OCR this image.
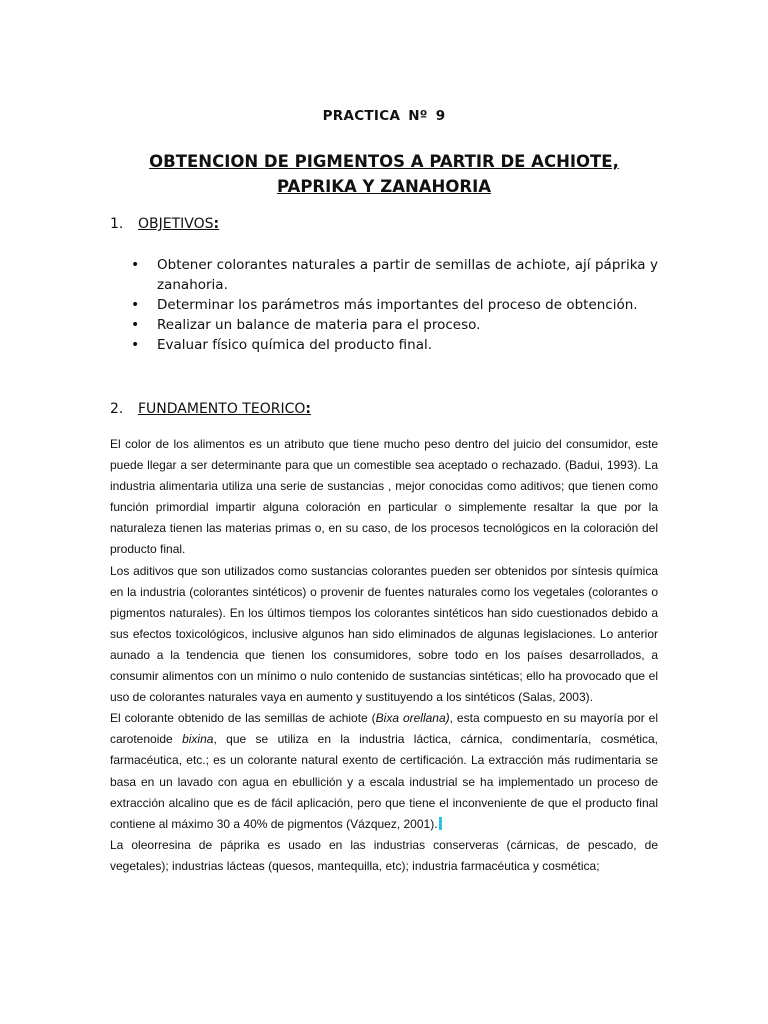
PRACTICA Nº 9
OBTENCION DE PIGMENTOS A PARTIR DE ACHIOTE,
PAPRIKA Y ZANAHORIA
1. OBJETIVOS:
• Obtener colorantes naturales a partir de semillas de achiote, ají páprika y zanahoria.
• Determinar los parámetros más importantes del proceso de obtención.
• Realizar un balance de materia para el proceso.
• Evaluar físico química del producto final.
2. FUNDAMENTO TEORICO:

El color de los alimentos es un atributo que tiene mucho peso dentro del juicio del consumidor, este puede llegar a ser determinante para que un comestible sea aceptado o rechazado. (Badui, 1993). La industria alimentaria utiliza una serie de sustancias , mejor conocidas como aditivos; que tienen como función primordial impartir alguna coloración en particular o simplemente resaltar la que por la naturaleza tienen las materias primas o, en su caso, de los procesos tecnológicos en la coloración del producto final.

Los aditivos que son utilizados como sustancias colorantes pueden ser obtenidos por síntesis química en la industria (colorantes sintéticos) o provenir de fuentes naturales como los vegetales (colorantes o pigmentos naturales). En los últimos tiempos los colorantes sintéticos han sido cuestionados debido a sus efectos toxicológicos, inclusive algunos han sido eliminados de algunas legislaciones. Lo anterior aunado a la tendencia que tienen los consumidores, sobre todo en los países desarrollados, a consumir alimentos con un mínimo o nulo contenido de sustancias sintéticas; ello ha provocado que el uso de colorantes naturales vaya en aumento y sustituyendo a los sintéticos (Salas, 2003).

El colorante obtenido de las semillas de achiote (Bixa orellana), esta compuesto en su mayoría por el carotenoide bixina, que se utiliza en la industria láctica, cárnica, condimentaría, cosmética, farmacéutica, etc.; es un colorante natural exento de certificación. La extracción más rudimentaria se basa en un lavado con agua en ebullición y a escala industrial se ha implementado un proceso de extracción alcalino que es de fácil aplicación, pero que tiene el inconveniente de que el producto final contiene al máximo 30 a 40% de pigmentos (Vázquez, 2001).

La oleorresina de páprika es usado en las industrias conserveras (cárnicas, de pescado, de vegetales); industrias lácteas (quesos, mantequilla, etc); industria farmacéutica y cosmética;
